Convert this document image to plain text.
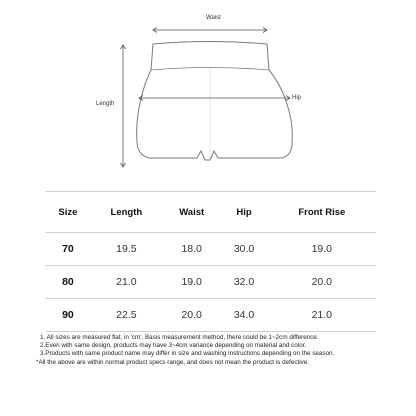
Waist
Length
Hip
Size	Length	Waist	Hip	Front Rise
70	19.5	18.0	30.0	19.0
80	21.0	19.0	32.0	20.0
90	22.5	20.0	34.0	21.0
1. All sizes are measured flat, in 'cm'. Basis measurement method, there could be 1~2cm difference.
2.Even with same design, products may have 3~4cm variance depending on material and color.
3.Products with same product name may differ in size and washing instructions depending on the season.
*All the above are within normal product specs range, and does not mean the product is defective.
